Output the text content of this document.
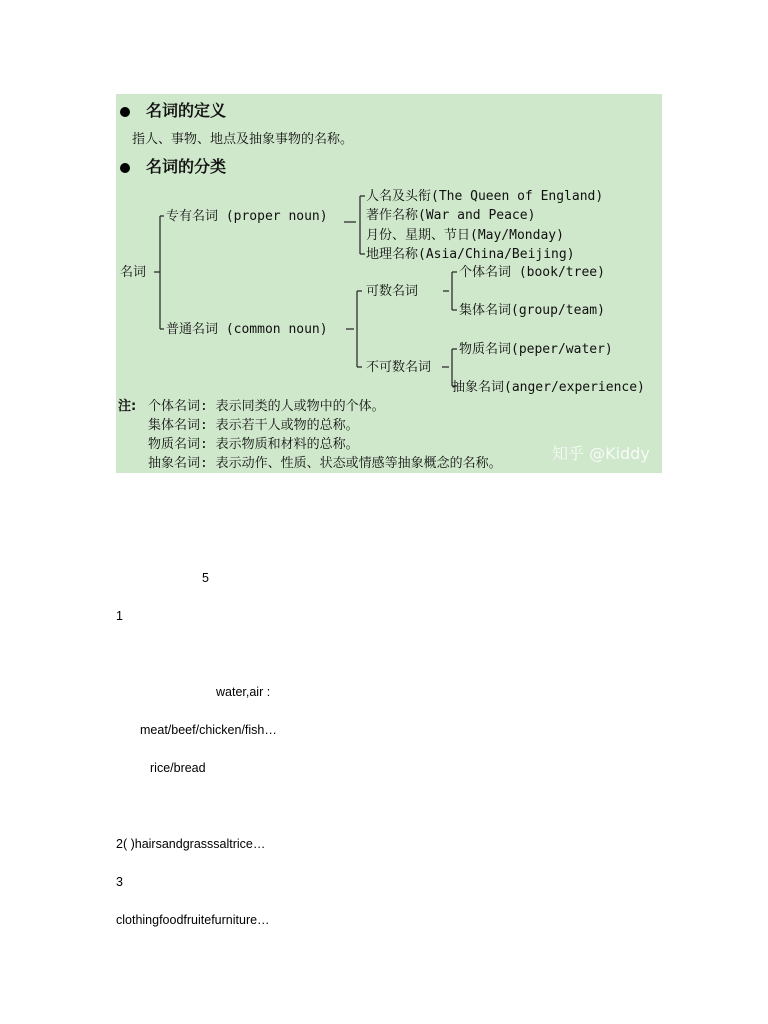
名词的定义
指人、事物、地点及抽象事物的名称。
名词的分类
名词
专有名词 (proper noun)
人名及头衔(The Queen of England)
著作名称(War and Peace)
月份、星期、节日(May/Monday)
地理名称(Asia/China/Beijing)
普通名词 (common noun)
可数名词
个体名词 (book/tree)
集体名词(group/team)
不可数名词
物质名词(peper/water)
抽象名词(anger/experience)
注: 个体名词: 表示同类的人或物中的个体。
集体名词: 表示若干人或物的总称。
物质名词: 表示物质和材料的总称。
抽象名词: 表示动作、性质、状态或情感等抽象概念的名称。
知乎 @Kiddy
5
1
water,air :
meat/beef/chicken/fish…
rice/bread
2( )hairsandgrasssaltrice…
3
clothingfoodfruitefurniture…
